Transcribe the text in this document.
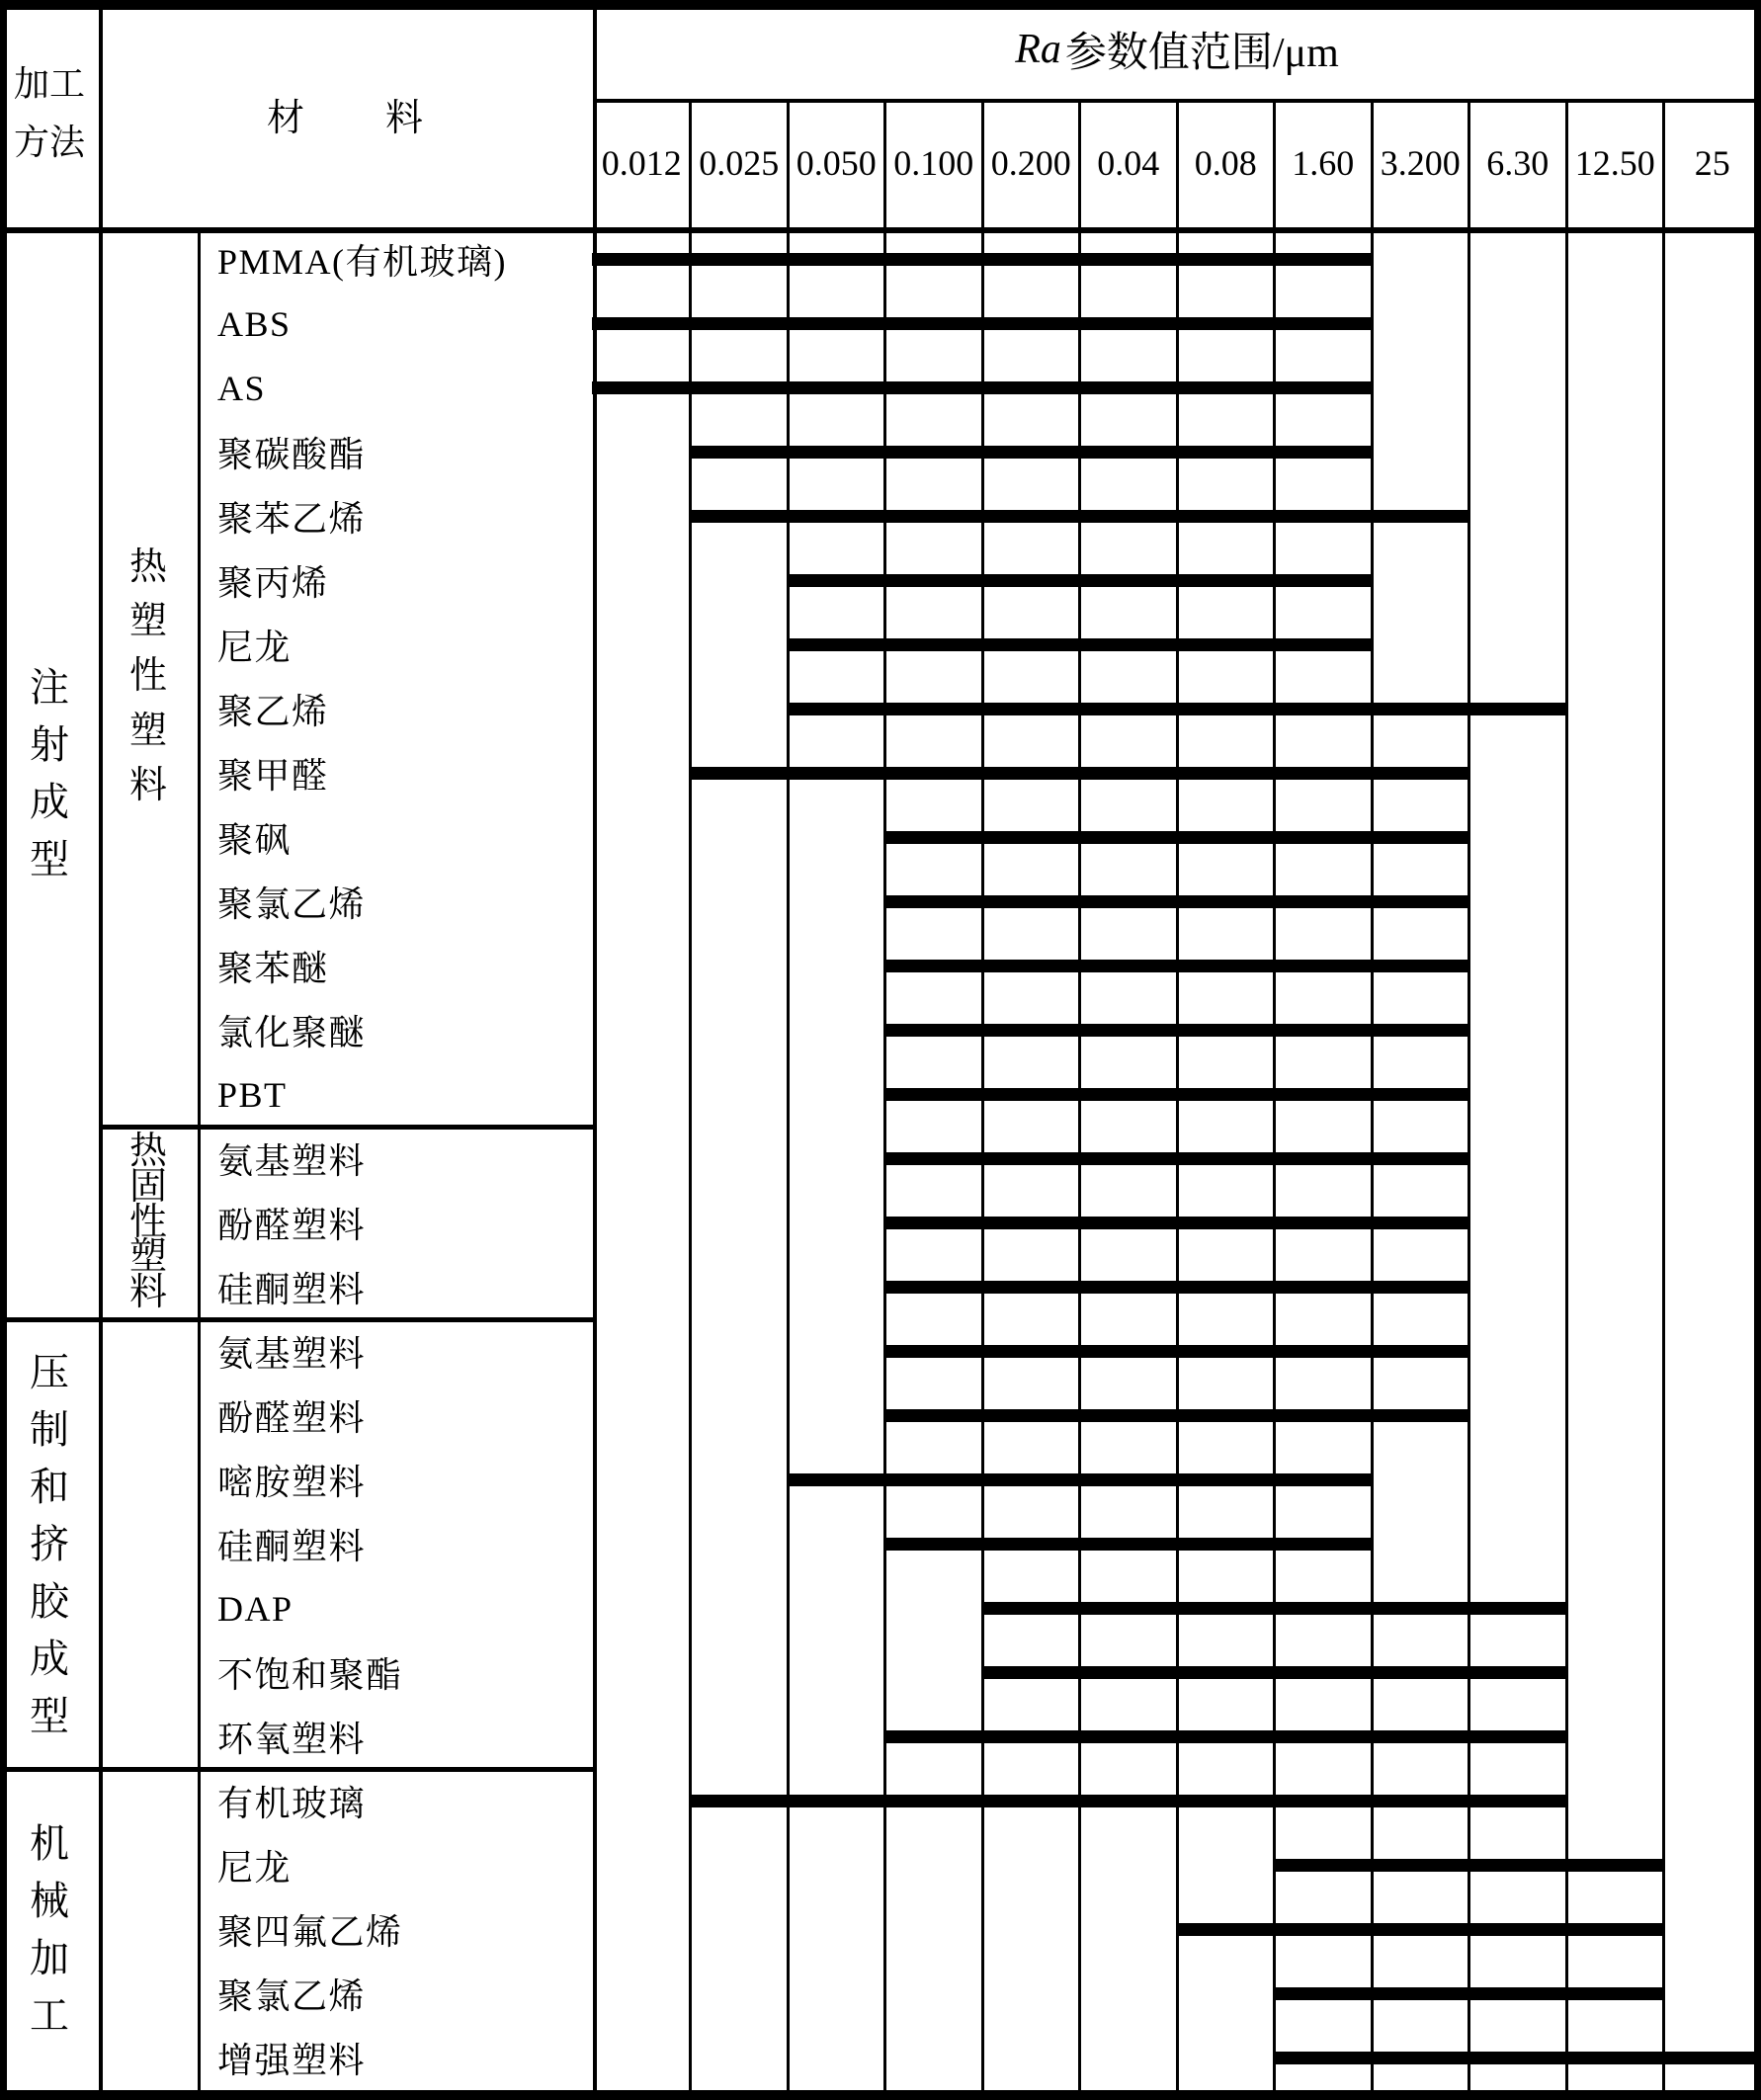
加工方法
材　　料
Ra 参数值范围/μm
0.012 0.025 0.050 0.100 0.200 0.04 0.08 1.60 3.200 6.30 12.50	25
注射成型
压制和挤胶成型
机械加工
热塑性塑料
热固性塑料
PMMA(有机玻璃)
ABS
AS
聚碳酸酯
聚苯乙烯
聚丙烯
尼龙
聚乙烯
聚甲醛
聚砜
聚氯乙烯
聚苯醚
氯化聚醚
PBT
氨基塑料
酚醛塑料
硅酮塑料
氨基塑料
酚醛塑料
嘧胺塑料
硅酮塑料
DAP
不饱和聚酯
环氧塑料
有机玻璃
尼龙
聚四氟乙烯
聚氯乙烯
增强塑料
